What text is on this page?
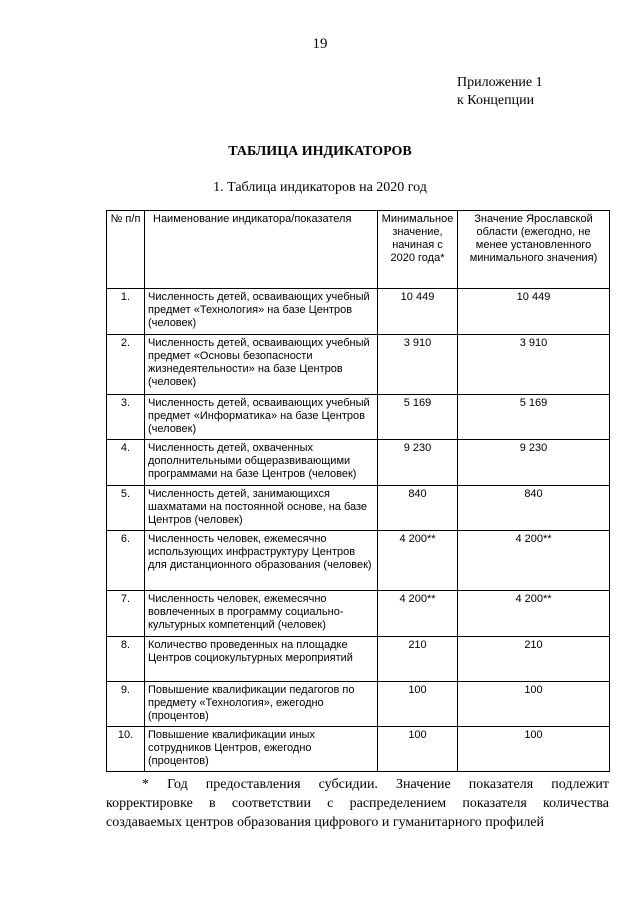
19
Приложение 1
к Концепции
ТАБЛИЦА ИНДИКАТОРОВ
1. Таблица индикаторов на 2020 год
№ п/п	Наименование индикатора/показателя	Минимальное значение, начиная с 2020 года*	Значение Ярославской области (ежегодно, не менее установленного минимального значения)
1.	Численность детей, осваивающих учебный предмет «Технология» на базе Центров (человек)	10 449	10 449
2.	Численность детей, осваивающих учебный предмет «Основы безопасности жизнедеятельности» на базе Центров (человек)	3 910	3 910
3.	Численность детей, осваивающих учебный предмет «Информатика» на базе Центров (человек)	5 169	5 169
4.	Численность детей, охваченных дополнительными общеразвивающими программами на базе Центров (человек)	9 230	9 230
5.	Численность детей, занимающихся шахматами на постоянной основе, на базе Центров (человек)	840	840
6.	Численность человек, ежемесячно использующих инфраструктуру Центров для дистанционного образования (человек)	4 200**	4 200**
7.	Численность человек, ежемесячно вовлеченных в программу социально-культурных компетенций (человек)	4 200**	4 200**
8.	Количество проведенных на площадке Центров социокультурных мероприятий	210	210
9.	Повышение квалификации педагогов по предмету «Технология», ежегодно (процентов)	100	100
10.	Повышение квалификации иных сотрудников Центров, ежегодно (процентов)	100	100
* Год предоставления субсидии. Значение показателя подлежит корректировке в соответствии с распределением показателя количества создаваемых центров образования цифрового и гуманитарного профилей
